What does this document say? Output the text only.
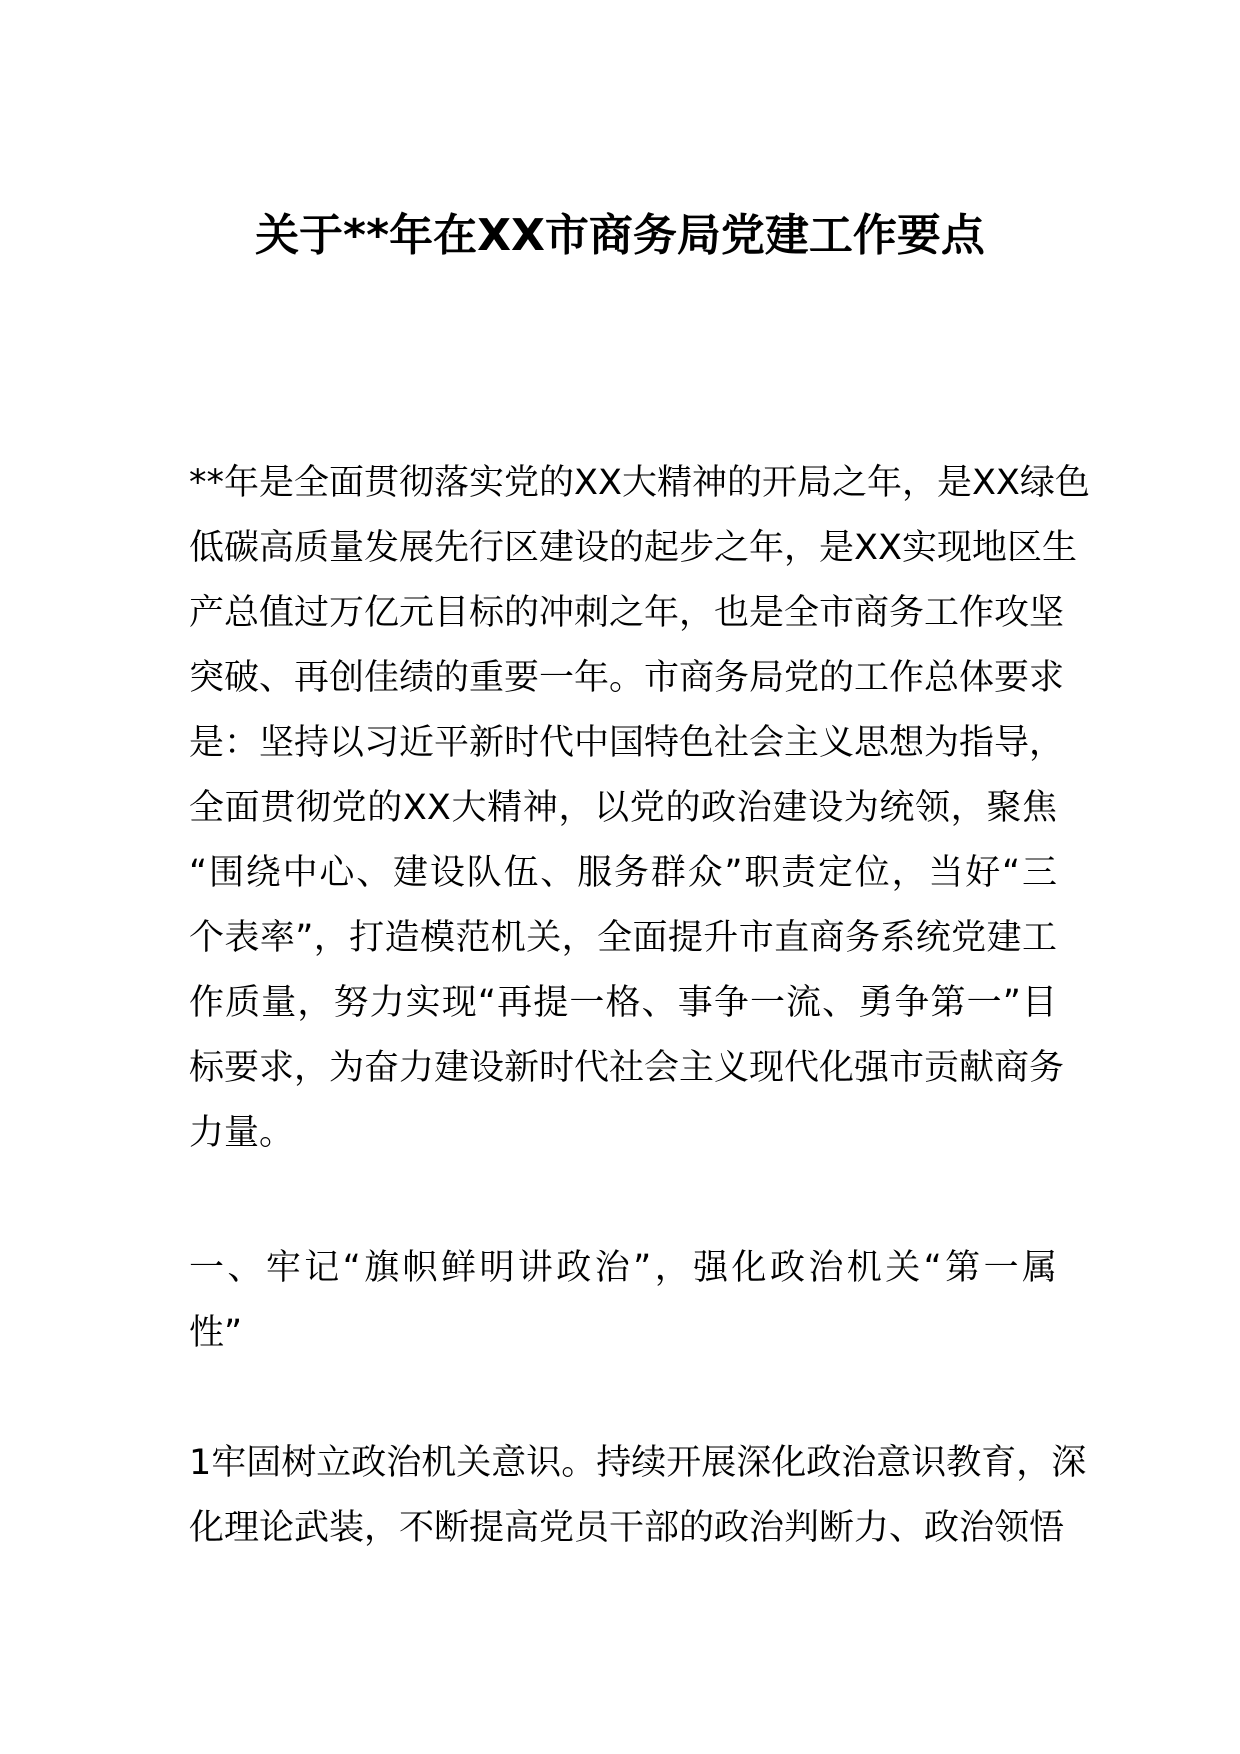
关于**年在XX市商务局党建工作要点
**年是全面贯彻落实党的XX大精神的开局之年，是XX绿色
低碳高质量发展先行区建设的起步之年，是XX实现地区生
产总值过万亿元目标的冲刺之年，也是全市商务工作攻坚
突破、再创佳绩的重要一年。市商务局党的工作总体要求
是：坚持以习近平新时代中国特色社会主义思想为指导，
全面贯彻党的XX大精神，以党的政治建设为统领，聚焦
“围绕中心、建设队伍、服务群众”职责定位，当好“三
个表率”，打造模范机关，全面提升市直商务系统党建工
作质量，努力实现“再提一格、事争一流、勇争第一”目
标要求，为奋力建设新时代社会主义现代化强市贡献商务
力量。
一、牢记“旗帜鲜明讲政治”，强化政治机关“第一属
性”
1牢固树立政治机关意识。持续开展深化政治意识教育，深
化理论武装，不断提高党员干部的政治判断力、政治领悟
